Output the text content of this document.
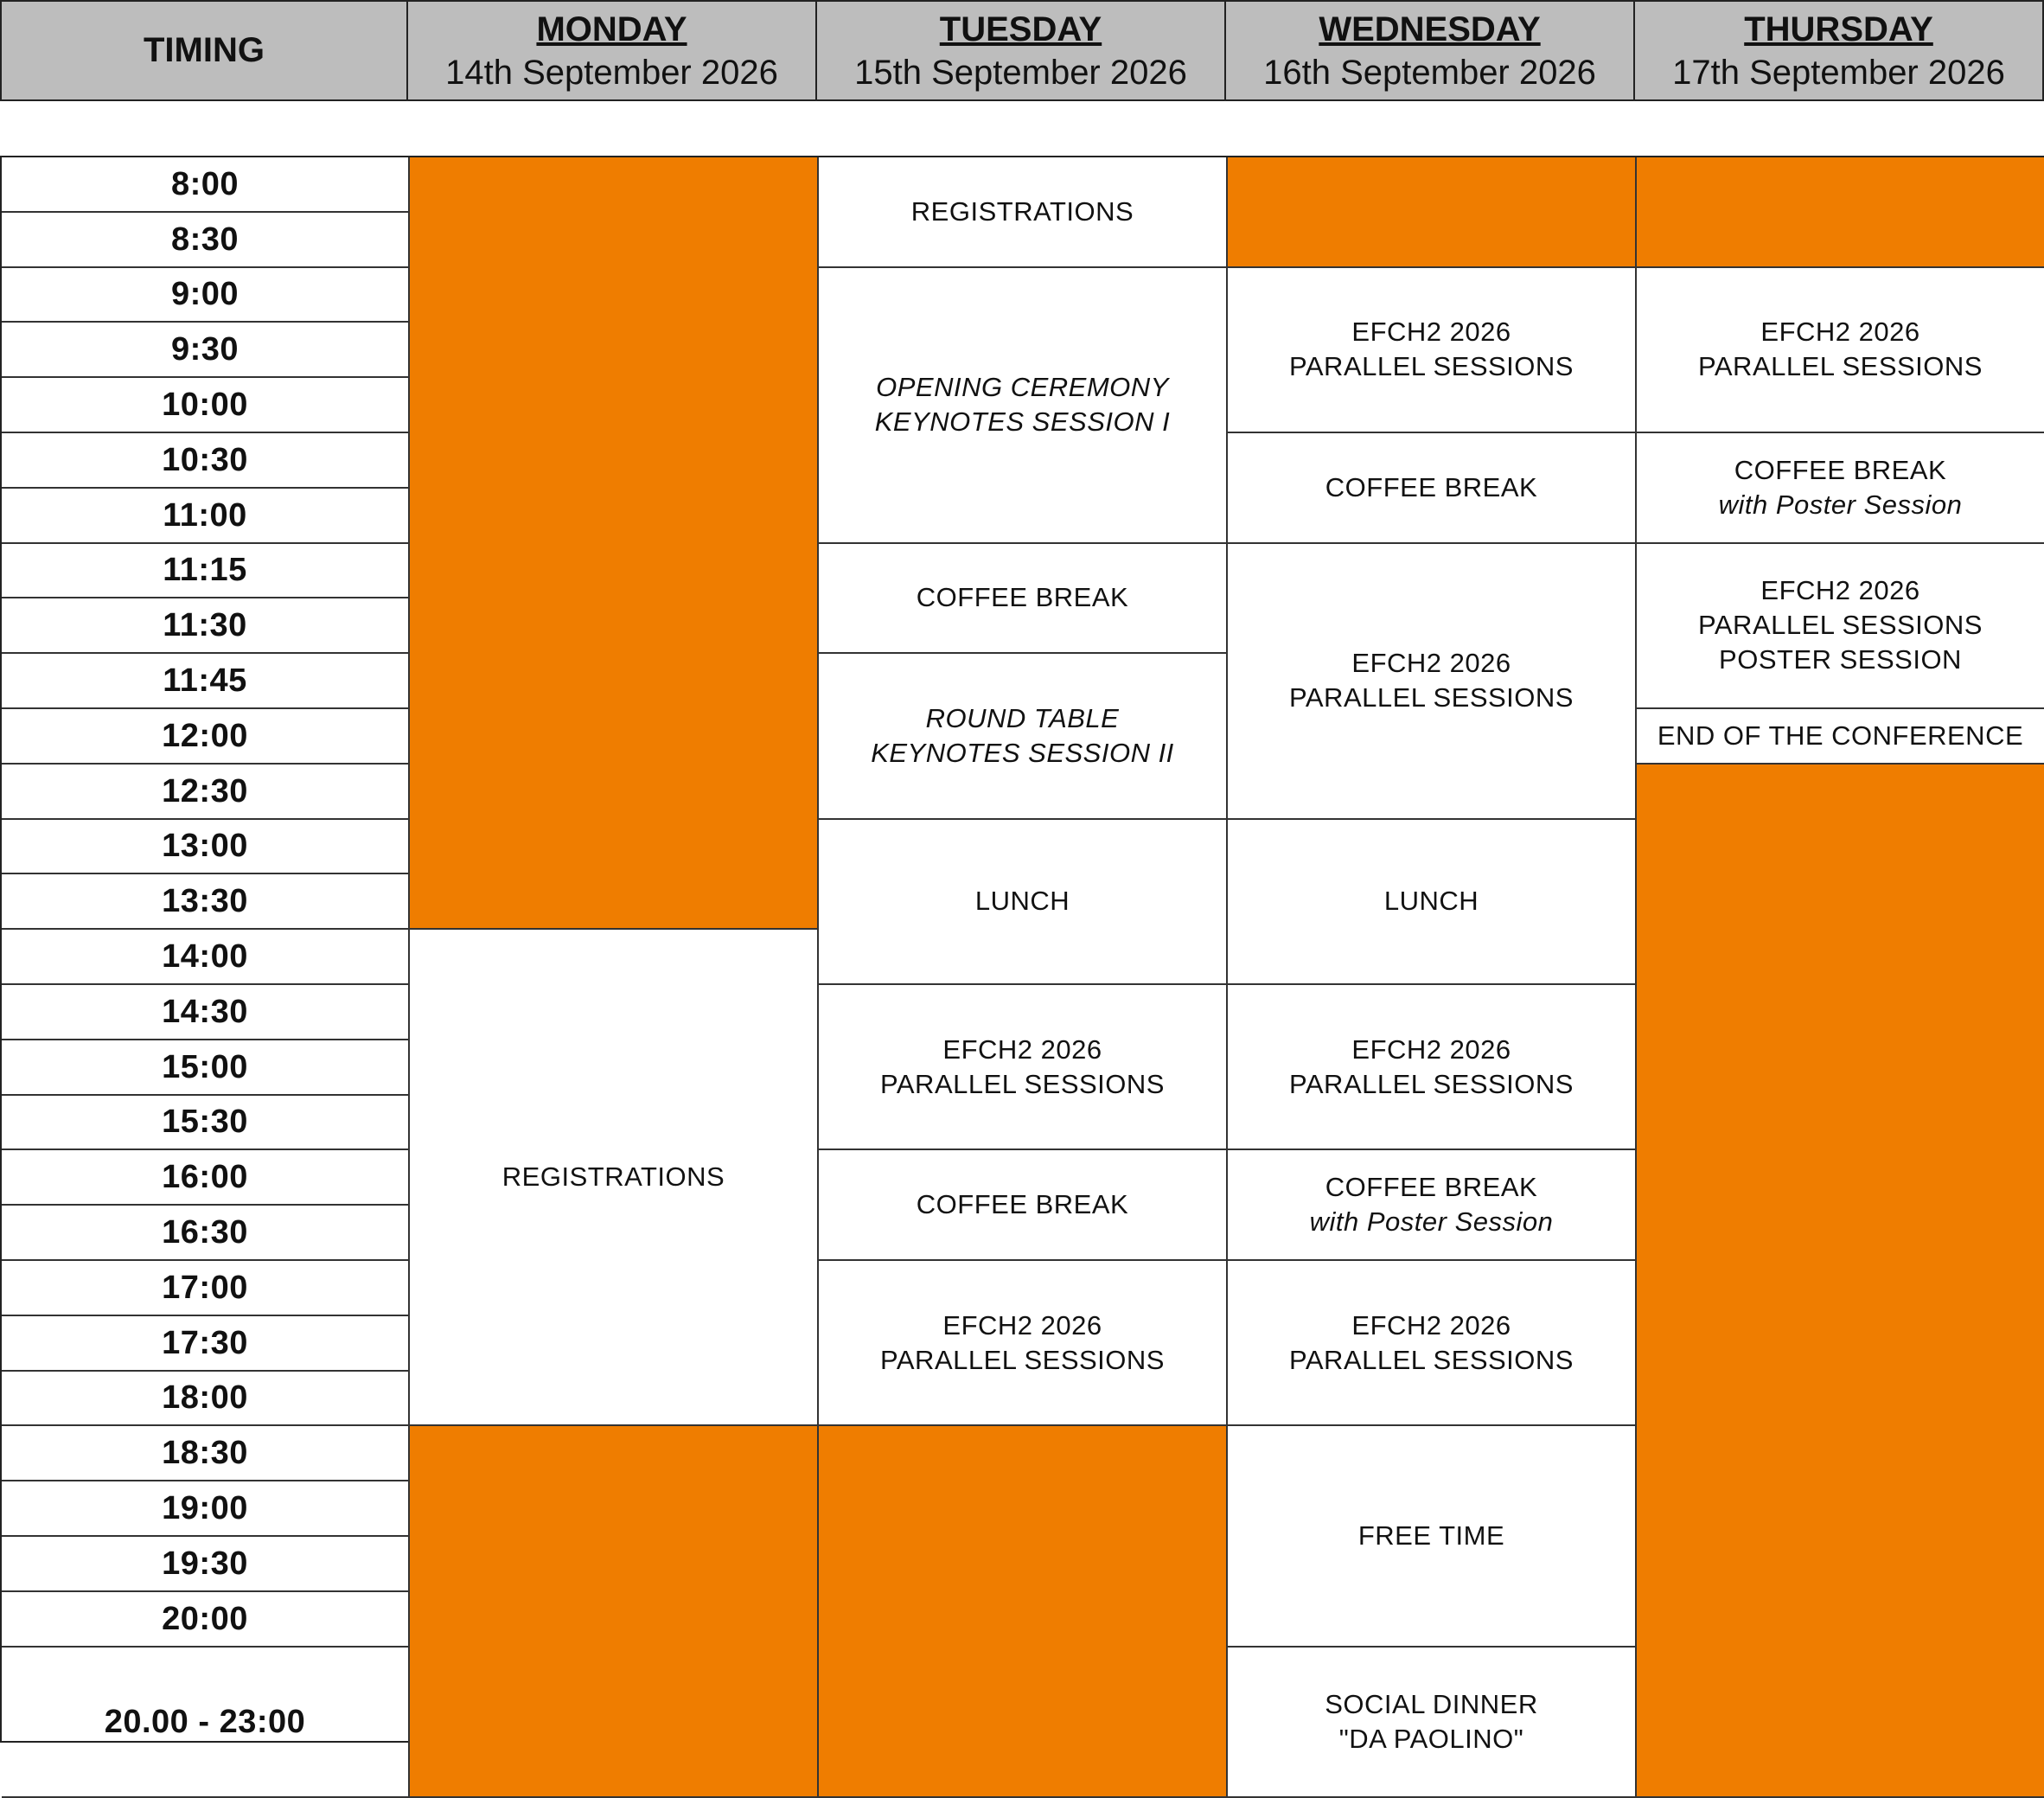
TIMING
MONDAY
14th September 2026
TUESDAY
15th September 2026
WEDNESDAY
16th September 2026
THURSDAY
17th September 2026
8:00
8:30
9:00
9:30
10:00
10:30
11:00
11:15
11:30
11:45
12:00
12:30
13:00
13:30
14:00
14:30
15:00
15:30
16:00
16:30
17:00
17:30
18:00
18:30
19:00
19:30
20:00
20.00 - 23:00
REGISTRATIONS
REGISTRATIONS
OPENING CEREMONY
KEYNOTES SESSION I
COFFEE BREAK
ROUND TABLE
KEYNOTES SESSION II
LUNCH
EFCH2 2026
PARALLEL SESSIONS
COFFEE BREAK
EFCH2 2026
PARALLEL SESSIONS
EFCH2 2026
PARALLEL SESSIONS
COFFEE BREAK
EFCH2 2026
PARALLEL SESSIONS
LUNCH
EFCH2 2026
PARALLEL SESSIONS
COFFEE BREAK
with Poster Session
EFCH2 2026
PARALLEL SESSIONS
FREE TIME
SOCIAL DINNER
"DA PAOLINO"
EFCH2 2026
PARALLEL SESSIONS
COFFEE BREAK
with Poster Session
EFCH2 2026
PARALLEL SESSIONS
POSTER SESSION
END OF THE CONFERENCE
